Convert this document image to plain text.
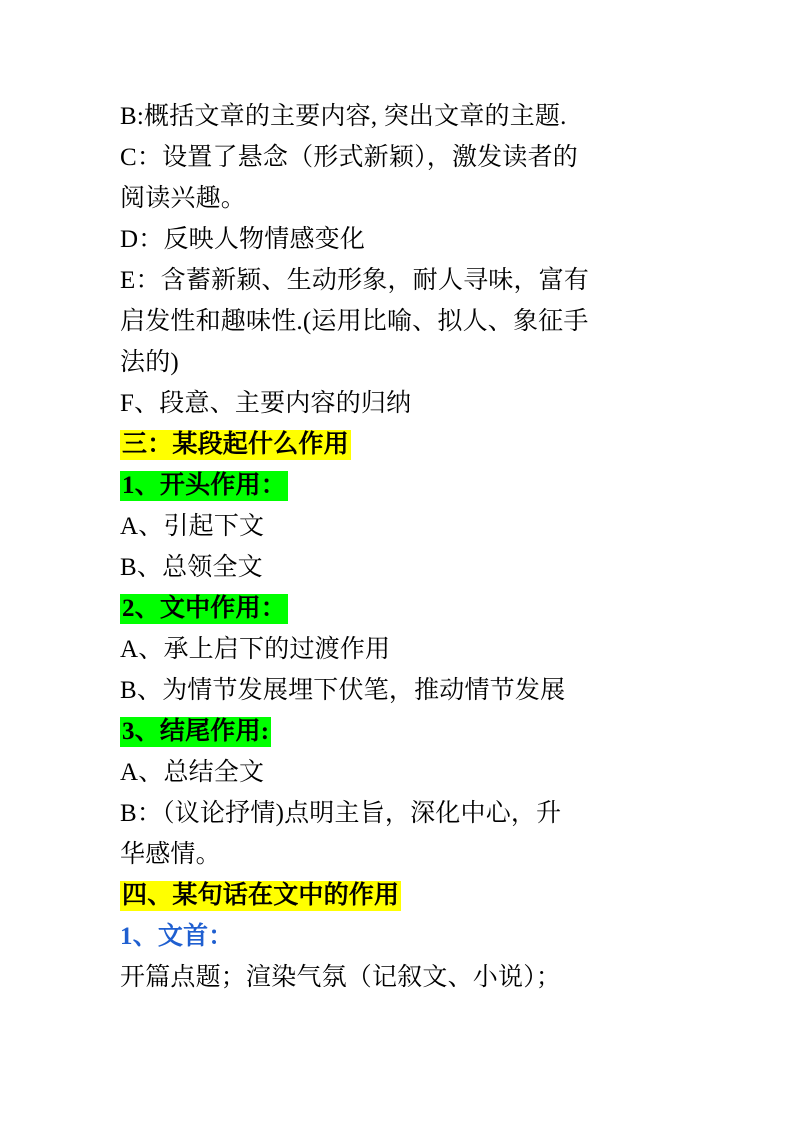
B:概括文章的主要内容, 突出文章的主题.
C：设置了悬念（形式新颖），激发读者的
阅读兴趣。
D：反映人物情感变化
E：含蓄新颖、生动形象，耐人寻味，富有
启发性和趣味性.(运用比喻、拟人、象征手
法的)
F、段意、主要内容的归纳
三：某段起什么作用
1、开头作用：
A、引起下文
B、总领全文
2、文中作用：
A、承上启下的过渡作用
B、为情节发展埋下伏笔，推动情节发展
3、结尾作用:
A、总结全文
B：（议论抒情)点明主旨，深化中心，升
华感情。
四、某句话在文中的作用
1、文首：
开篇点题；渲染气氛（记叙文、小说）；
